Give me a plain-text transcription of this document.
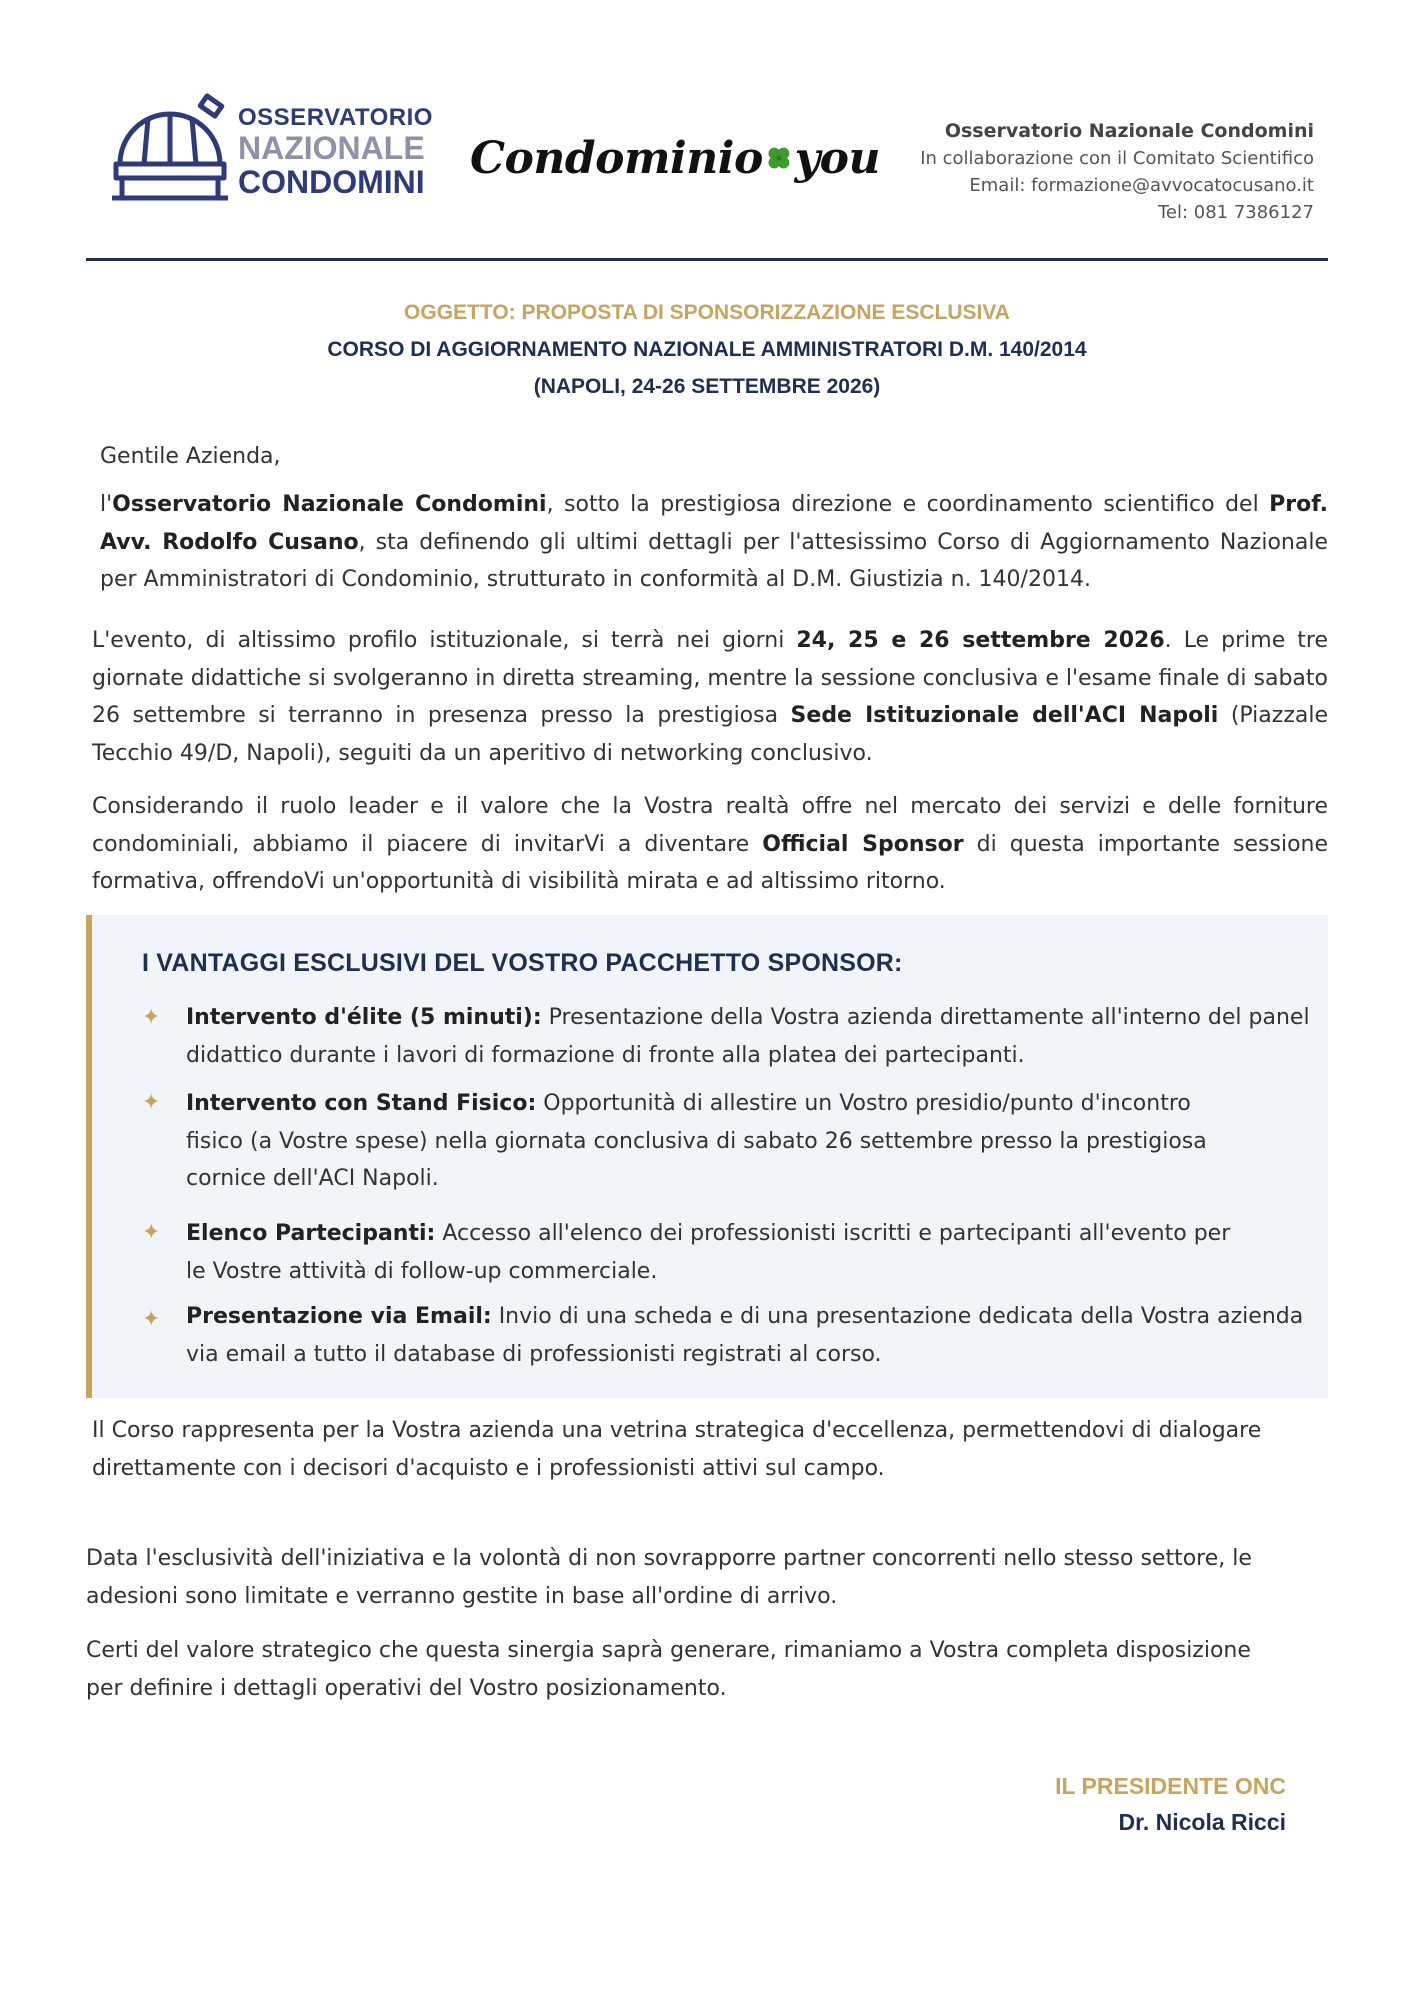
OSSERVATORIO
NAZIONALE
CONDOMINI Condominio you
Osservatorio Nazionale Condomini
In collaborazione con il Comitato Scientifico
Email: formazione@avvocatocusano.it
Tel: 081 7386127
OGGETTO: PROPOSTA DI SPONSORIZZAZIONE ESCLUSIVA
CORSO DI AGGIORNAMENTO NAZIONALE AMMINISTRATORI D.M. 140/2014
(NAPOLI, 24-26 SETTEMBRE 2026)
Gentile Azienda,
l'Osservatorio Nazionale Condomini, sotto la prestigiosa direzione e coordinamento scientifico del Prof. Avv. Rodolfo Cusano, sta definendo gli ultimi dettagli per l'attesissimo Corso di Aggiornamento Nazionale per Amministratori di Condominio, strutturato in conformità al D.M. Giustizia n. 140/2014.
L'evento, di altissimo profilo istituzionale, si terrà nei giorni 24, 25 e 26 settembre 2026. Le prime tre giornate didattiche si svolgeranno in diretta streaming, mentre la sessione conclusiva e l'esame finale di sabato 26 settembre si terranno in presenza presso la prestigiosa Sede Istituzionale dell'ACI Napoli (Piazzale Tecchio 49/D, Napoli), seguiti da un aperitivo di networking conclusivo.
Considerando il ruolo leader e il valore che la Vostra realtà offre nel mercato dei servizi e delle forniture condominiali, abbiamo il piacere di invitarVi a diventare Official Sponsor di questa importante sessione formativa, offrendoVi un'opportunità di visibilità mirata e ad altissimo ritorno.
I VANTAGGI ESCLUSIVI DEL VOSTRO PACCHETTO SPONSOR:
✦ Intervento d'élite (5 minuti): Presentazione della Vostra azienda direttamente all'interno del panel
didattico durante i lavori di formazione di fronte alla platea dei partecipanti.
✦ Intervento con Stand Fisico: Opportunità di allestire un Vostro presidio/punto d'incontro
fisico (a Vostre spese) nella giornata conclusiva di sabato 26 settembre presso la prestigiosa
cornice dell'ACI Napoli.
✦ Elenco Partecipanti: Accesso all'elenco dei professionisti iscritti e partecipanti all'evento per
le Vostre attività di follow-up commerciale.
✦ Presentazione via Email: Invio di una scheda e di una presentazione dedicata della Vostra azienda
via email a tutto il database di professionisti registrati al corso.
Il Corso rappresenta per la Vostra azienda una vetrina strategica d'eccellenza, permettendovi di dialogare
direttamente con i decisori d'acquisto e i professionisti attivi sul campo.
Data l'esclusività dell'iniziativa e la volontà di non sovrapporre partner concorrenti nello stesso settore, le
adesioni sono limitate e verranno gestite in base all'ordine di arrivo.
Certi del valore strategico che questa sinergia saprà generare, rimaniamo a Vostra completa disposizione
per definire i dettagli operativi del Vostro posizionamento.
IL PRESIDENTE ONC
Dr. Nicola Ricci
